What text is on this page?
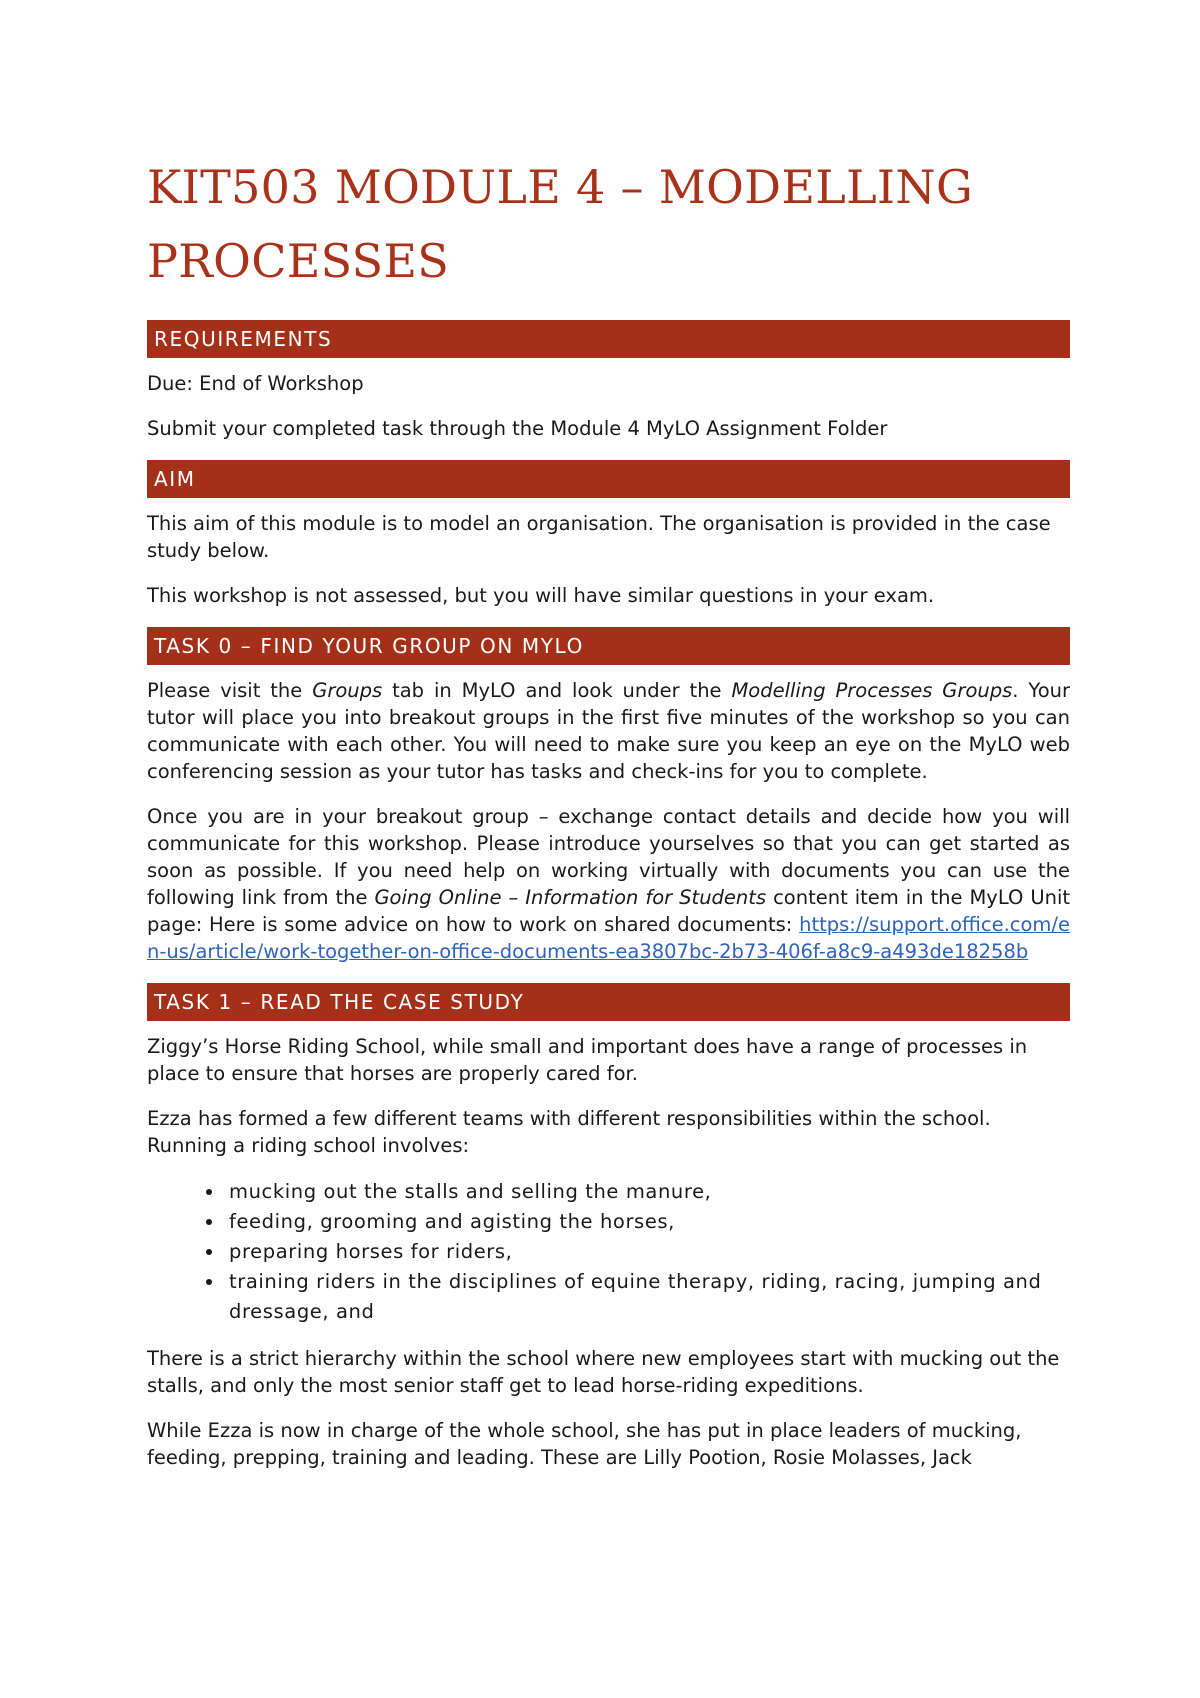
KIT503 MODULE 4 – MODELLING
PROCESSES
REQUIREMENTS

Due: End of Workshop

Submit your completed task through the Module 4 MyLO Assignment Folder

AIM

This aim of this module is to model an organisation. The organisation is provided in the case study below.

This workshop is not assessed, but you will have similar questions in your exam.

TASK 0 – FIND YOUR GROUP ON MYLO

Please visit the Groups tab in MyLO and look under the Modelling Processes Groups. Your tutor will place you into breakout groups in the first five minutes of the workshop so you can communicate with each other. You will need to make sure you keep an eye on the MyLO web conferencing session as your tutor has tasks and check-ins for you to complete.

Once you are in your breakout group – exchange contact details and decide how you will communicate for this workshop. Please introduce yourselves so that you can get started as soon as possible. If you need help on working virtually with documents you can use the following link from the Going Online – Information for Students content item in the MyLO Unit page: Here is some advice on how to work on shared documents: https://support.office.com/en-us/article/work-together-on-office-documents-ea3807bc-2b73-406f-a8c9-a493de18258b

TASK 1 – READ THE CASE STUDY

Ziggy’s Horse Riding School, while small and important does have a range of processes in place to ensure that horses are properly cared for.

Ezza has formed a few different teams with different responsibilities within the school. Running a riding school involves:

• mucking out the stalls and selling the manure,
• feeding, grooming and agisting the horses,
• preparing horses for riders,
• training riders in the disciplines of equine therapy, riding, racing, jumping and dressage, and

There is a strict hierarchy within the school where new employees start with mucking out the stalls, and only the most senior staff get to lead horse-riding expeditions.

While Ezza is now in charge of the whole school, she has put in place leaders of mucking, feeding, prepping, training and leading. These are Lilly Pootion, Rosie Molasses, Jack
